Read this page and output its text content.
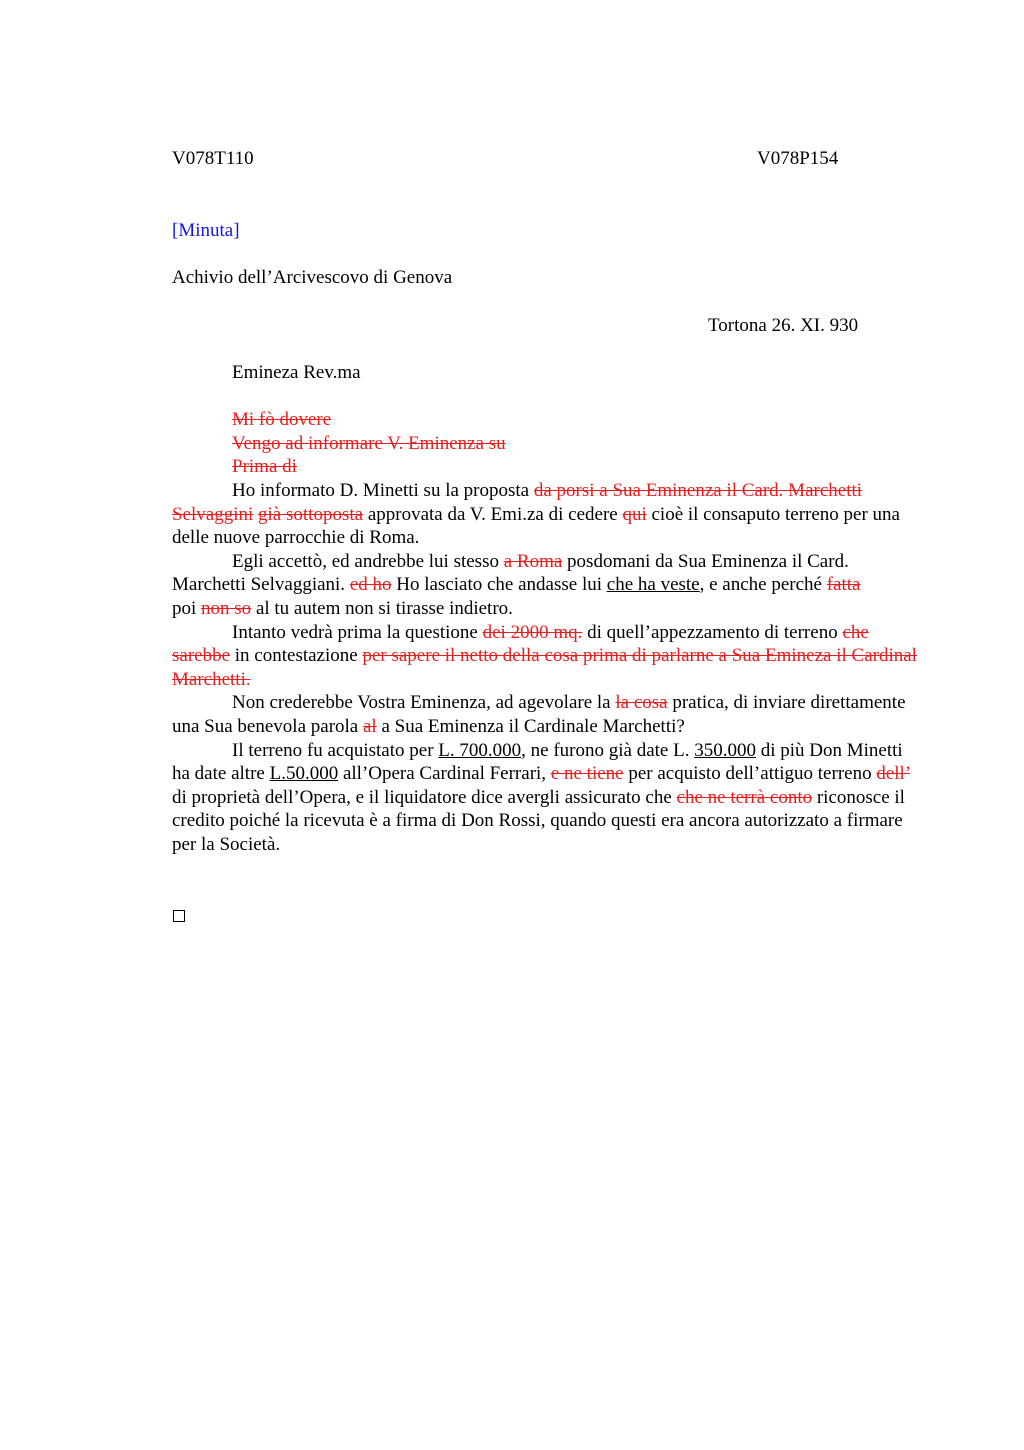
V078T110	V078P154
[Minuta]
Achivio dell’Arcivescovo di Genova
Tortona 26. XI. 930
Emineza Rev.ma
Mi fò dovere
Vengo ad informare V. Eminenza su
Prima di

Ho informato D. Minetti su la proposta da porsi a Sua Eminenza il Card. Marchetti Selvaggini già sottoposta approvata da V. Emi.za di cedere qui cioè il consaputo terreno per una delle nuove parrocchie di Roma.

Egli accettò, ed andrebbe lui stesso a Roma posdomani da Sua Eminenza il Card. Marchetti Selvaggiani. ed ho Ho lasciato che andasse lui che ha veste, e anche perché fatta
poi non so al tu autem non si tirasse indietro.

Intanto vedrà prima la questione dei 2000 mq. di quell’appezzamento di terreno che sarebbe in contestazione per sapere il netto della cosa prima di parlarne a Sua Emineza il Cardinal Marchetti.

Non crederebbe Vostra Eminenza, ad agevolare la la cosa pratica, di inviare direttamente una Sua benevola parola al a Sua Eminenza il Cardinale Marchetti?

Il terreno fu acquistato per L. 700.000, ne furono già date L. 350.000 di più Don Minetti ha date altre L.50.000 all’Opera Cardinal Ferrari, e ne tiene per acquisto dell’attiguo terreno dell’ di proprietà dell’Opera, e il liquidatore dice avergli assicurato che che ne terrà conto riconosce il credito poiché la ricevuta è a firma di Don Rossi, quando questi era ancora autorizzato a firmare per la Società.
